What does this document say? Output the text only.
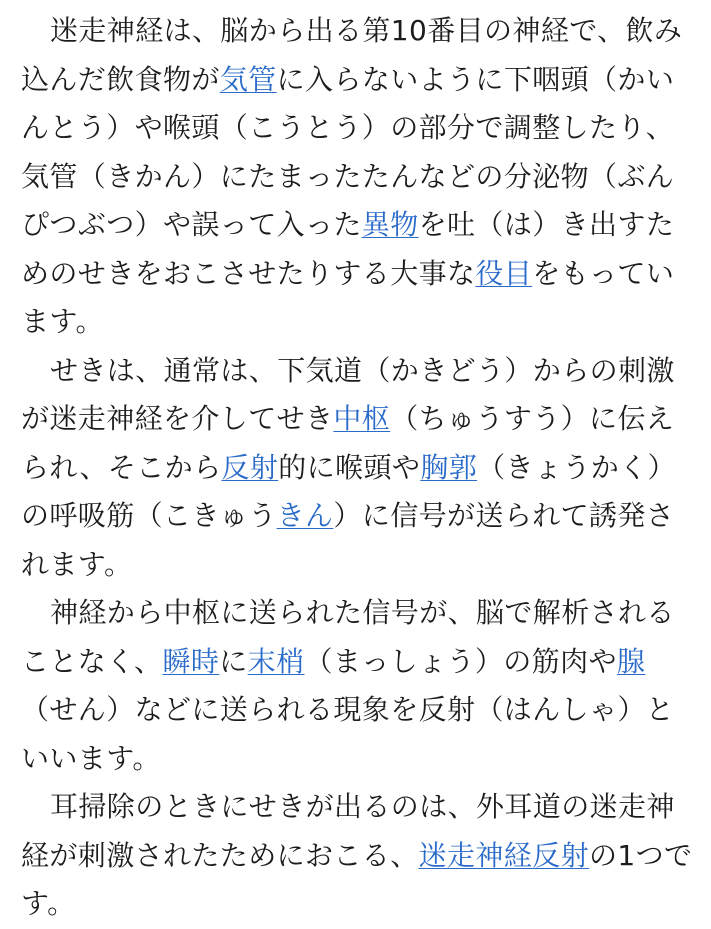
迷走神経は、脳から出る第10番目の神経で、飲み込んだ飲食物が気管に入らないように下咽頭（かいんとう）や喉頭（こうとう）の部分で調整したり、気管（きかん）にたまったたんなどの分泌物（ぶんぴつぶつ）や誤って入った異物を吐（は）き出すためのせきをおこさせたりする大事な役目をもっています。

せきは、通常は、下気道（かきどう）からの刺激が迷走神経を介してせき中枢（ちゅうすう）に伝えられ、そこから反射的に喉頭や胸郭（きょうかく）の呼吸筋（こきゅうきん）に信号が送られて誘発されます。

神経から中枢に送られた信号が、脳で解析されることなく、瞬時に末梢（まっしょう）の筋肉や腺（せん）などに送られる現象を反射（はんしゃ）といいます。

耳掃除のときにせきが出るのは、外耳道の迷走神経が刺激されたためにおこる、迷走神経反射の1つです。
